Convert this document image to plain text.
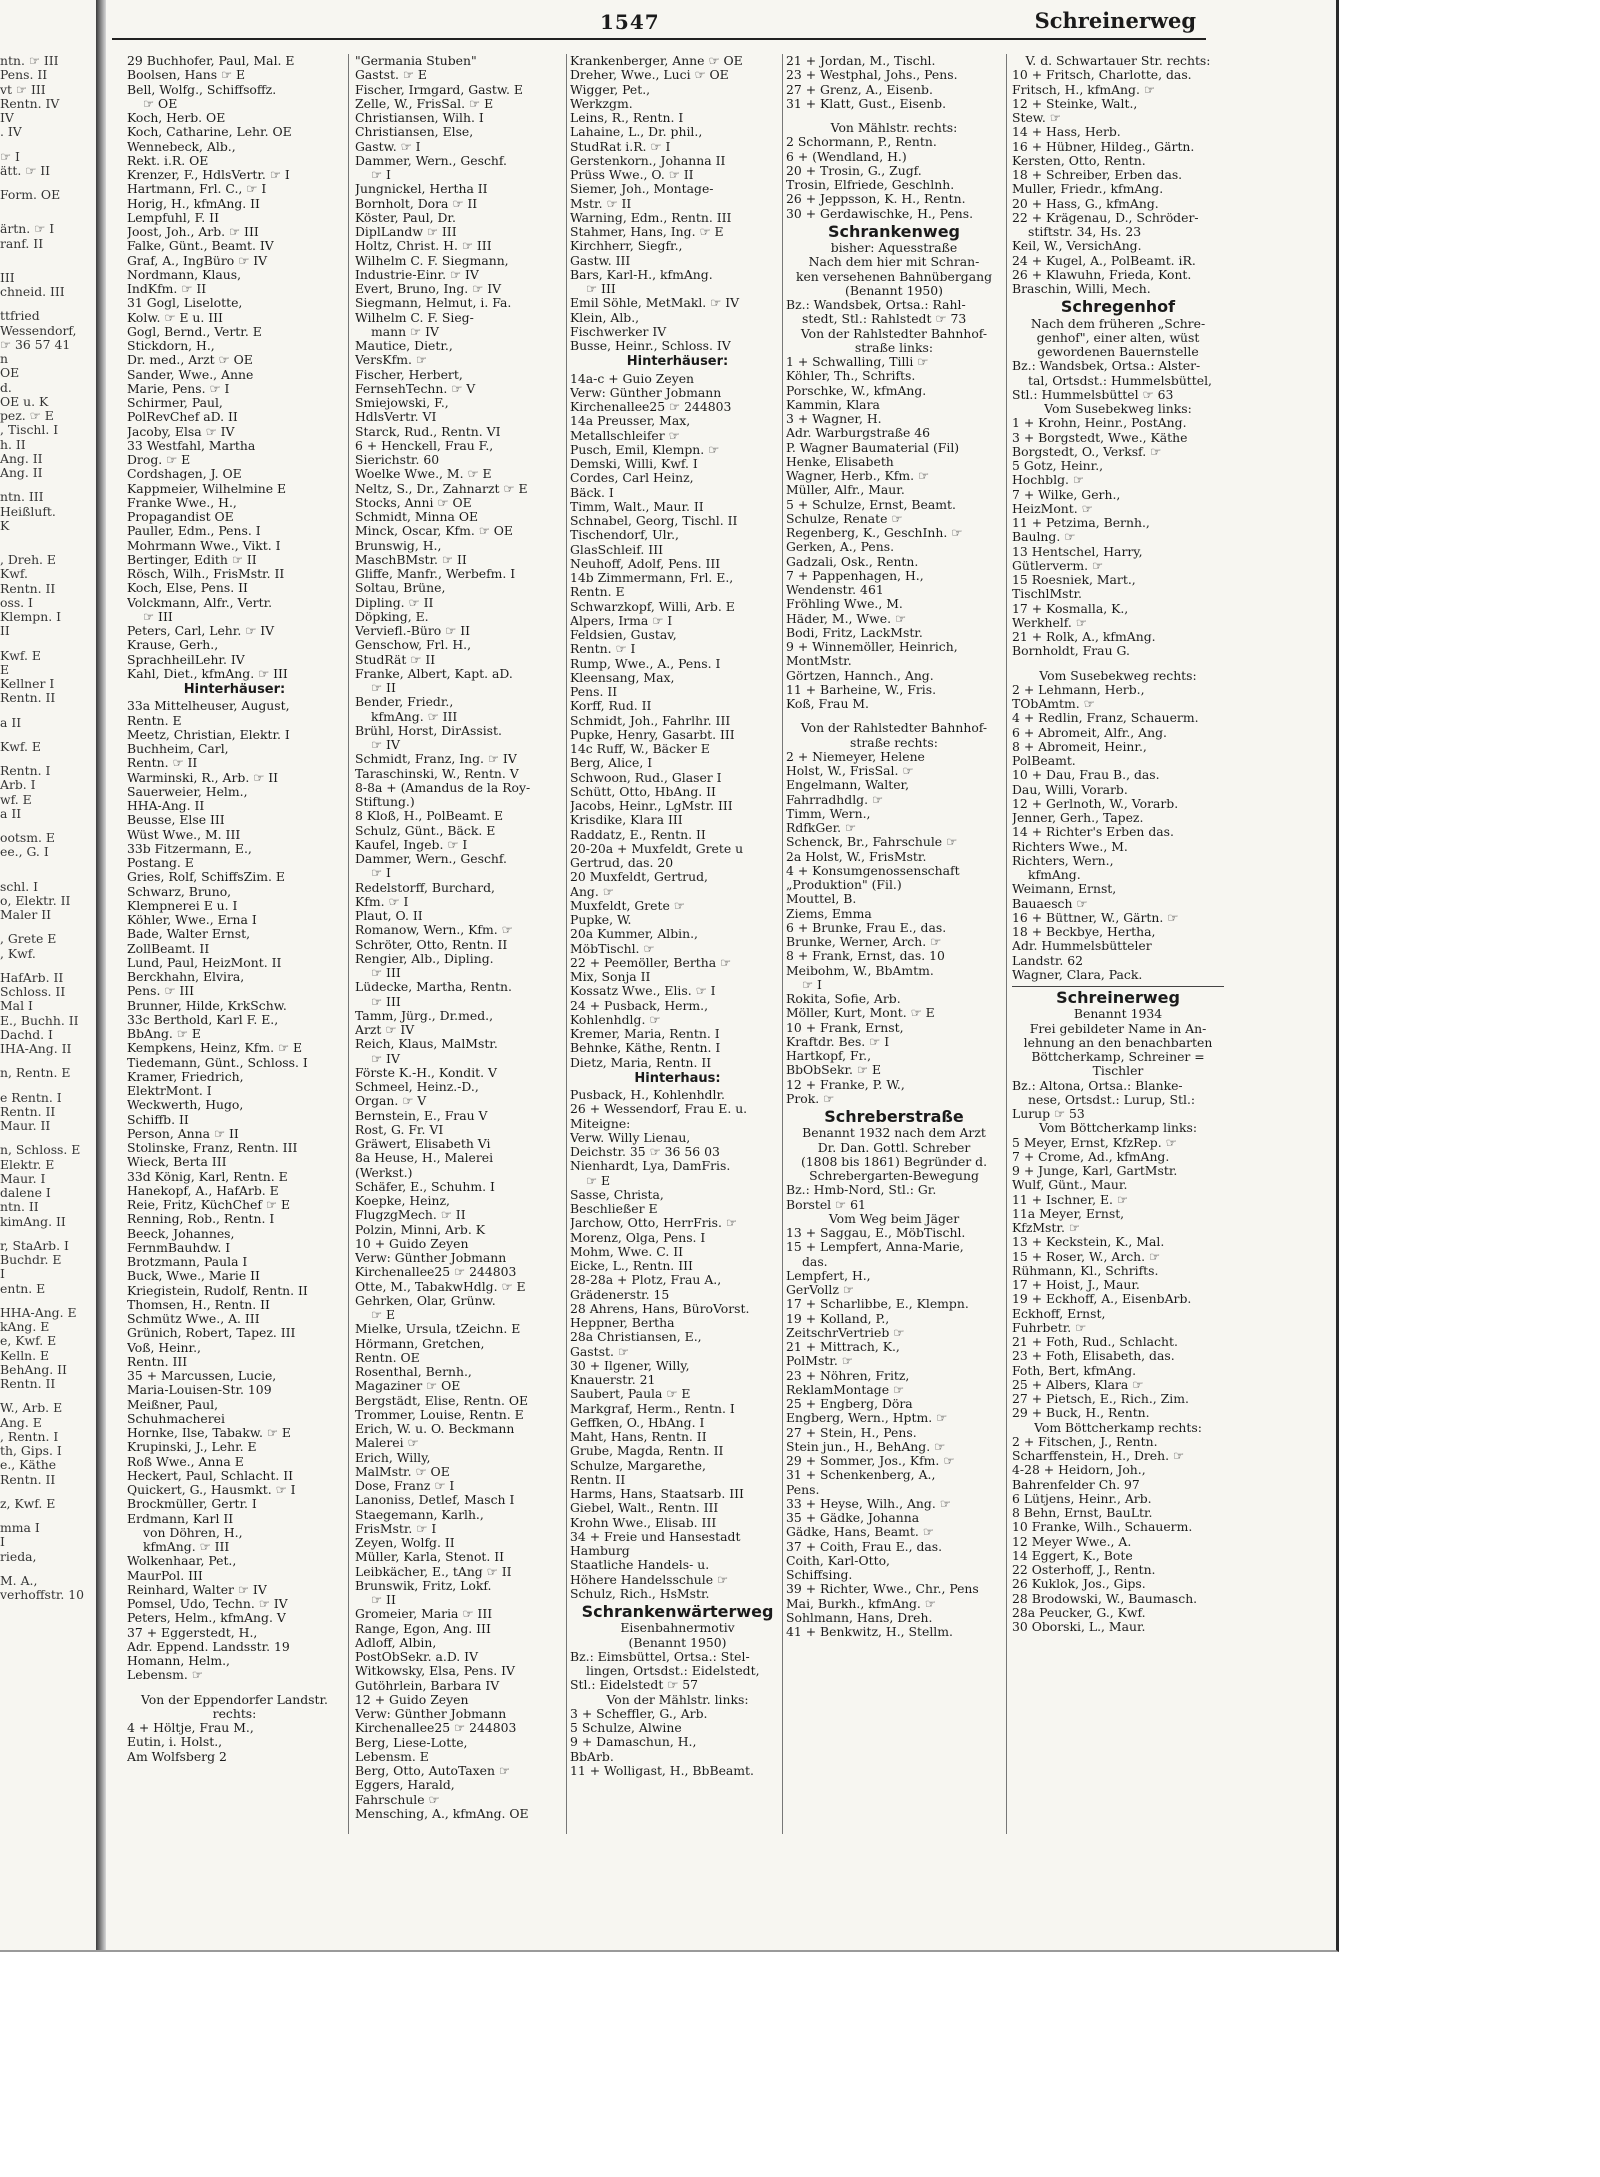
1547	Schreinerweg
ntn. ☞ III
Pens. II
vt ☞ III
Rentn. IV
IV
. IV
☞ I
ätt. ☞ II
Form. OE
ärtn. ☞ I
ranf. II
III
chneid. III
ttfried
Wessendorf,
☞ 36 57 41
n
OE
d.
OE u. K
pez. ☞ E
, Tischl. I
h. II
Ang. II
Ang. II
ntn. III
Heißluft.
K
, Dreh. E
Kwf.
Rentn. II
oss. I
Klempn. I
II
Kwf. E
E
Kellner I
Rentn. II
a II
Kwf. E
Rentn. I
Arb. I
wf. E
a II
ootsm. E
ee., G. I
schl. I
o, Elektr. II
Maler II
, Grete E
, Kwf.
HafArb. II
Schloss. II
Mal I
E., Buchh. II
Dachd. I
IHA-Ang. II
n, Rentn. E
e Rentn. I
Rentn. II
Maur. II
n, Schloss. E
Elektr. E
Maur. I
dalene I
ntn. II
kimAng. II
r, StaArb. I
Buchdr. E
I
entn. E
HHA-Ang. E
kAng. E
e, Kwf. E
Kelln. E
BehAng. II
Rentn. II
W., Arb. E
Ang. E
, Rentn. I
th, Gips. I
e., Käthe
Rentn. II
z, Kwf. E
mma I
I
rieda,
M. A.,
verhoffstr. 10
29 Buchhofer, Paul, Mal. E
Boolsen, Hans ☞ E
Bell, Wolfg., Schiffsoffz.
☞ OE
Koch, Herb. OE
Koch, Catharine, Lehr. OE
Wennebeck, Alb.,
Rekt. i.R. OE
Krenzer, F., HdlsVertr. ☞ I
Hartmann, Frl. C., ☞ I
Horig, H., kfmAng. II
Lempfuhl, F. II
Joost, Joh., Arb. ☞ III
Falke, Günt., Beamt. IV
Graf, A., IngBüro ☞ IV
Nordmann, Klaus,
IndKfm. ☞ II
31 Gogl, Liselotte,
Kolw. ☞ E u. III
Gogl, Bernd., Vertr. E
Stickdorn, H.,
Dr. med., Arzt ☞ OE
Sander, Wwe., Anne
Marie, Pens. ☞ I
Schirmer, Paul,
PolRevChef aD. II
Jacoby, Elsa ☞ IV
33 Westfahl, Martha
Drog. ☞ E
Cordshagen, J. OE
Kappmeier, Wilhelmine E
Franke Wwe., H.,
Propagandist OE
Pauller, Edm., Pens. I
Mohrmann Wwe., Vikt. I
Bertinger, Edith ☞ II
Rösch, Wilh., FrisMstr. II
Koch, Else, Pens. II
Volckmann, Alfr., Vertr.
☞ III
Peters, Carl, Lehr. ☞ IV
Krause, Gerh.,
SprachheilLehr. IV
Kahl, Diet., kfmAng. ☞ III
Hinterhäuser:
33a Mittelheuser, August,
Rentn. E
Meetz, Christian, Elektr. I
Buchheim, Carl,
Rentn. ☞ II
Warminski, R., Arb. ☞ II
Sauerweier, Helm.,
HHA-Ang. II
Beusse, Else III
Wüst Wwe., M. III
33b Fitzermann, E.,
Postang. E
Gries, Rolf, SchiffsZim. E
Schwarz, Bruno,
Klempnerei E u. I
Köhler, Wwe., Erna I
Bade, Walter Ernst,
ZollBeamt. II
Lund, Paul, HeizMont. II
Berckhahn, Elvira,
Pens. ☞ III
Brunner, Hilde, KrkSchw.
33c Berthold, Karl F. E.,
BbAng. ☞ E
Kempkens, Heinz, Kfm. ☞ E
Tiedemann, Günt., Schloss. I
Kramer, Friedrich,
ElektrMont. I
Weckwerth, Hugo,
Schiffb. II
Person, Anna ☞ II
Stolinske, Franz, Rentn. III
Wieck, Berta III
33d König, Karl, Rentn. E
Hanekopf, A., HafArb. E
Reie, Fritz, KüchChef ☞ E
Renning, Rob., Rentn. I
Beeck, Johannes,
FernmBauhdw. I
Brotzmann, Paula I
Buck, Wwe., Marie II
Kriegistein, Rudolf, Rentn. II
Thomsen, H., Rentn. II
Schmütz Wwe., A. III
Grünich, Robert, Tapez. III
Voß, Heinr.,
Rentn. III
35 + Marcussen, Lucie,
Maria-Louisen-Str. 109
Meißner, Paul,
Schuhmacherei
Hornke, Ilse, Tabakw. ☞ E
Krupinski, J., Lehr. E
Roß Wwe., Anna E
Heckert, Paul, Schlacht. II
Quickert, G., Hausmkt. ☞ I
Brockmüller, Gertr. I
Erdmann, Karl II
von Döhren, H.,
kfmAng. ☞ III
Wolkenhaar, Pet.,
MaurPol. III
Reinhard, Walter ☞ IV
Pomsel, Udo, Techn. ☞ IV
Peters, Helm., kfmAng. V
37 + Eggerstedt, H.,
Adr. Eppend. Landsstr. 19
Homann, Helm.,
Lebensm. ☞
Von der Eppendorfer Landstr.
rechts:
4 + Höltje, Frau M.,
Eutin, i. Holst.,
Am Wolfsberg 2
"Germania Stuben"
Gastst. ☞ E
Fischer, Irmgard, Gastw. E
Zelle, W., FrisSal. ☞ E
Christiansen, Wilh. I
Christiansen, Else,
Gastw. ☞ I
Dammer, Wern., Geschf.
☞ I
Jungnickel, Hertha II
Bornholt, Dora ☞ II
Köster, Paul, Dr.
DiplLandw ☞ III
Holtz, Christ. H. ☞ III
Wilhelm C. F. Siegmann,
Industrie-Einr. ☞ IV
Evert, Bruno, Ing. ☞ IV
Siegmann, Helmut, i. Fa.
Wilhelm C. F. Sieg-
mann ☞ IV
Mautice, Dietr.,
VersKfm. ☞
Fischer, Herbert,
FernsehTechn. ☞ V
Smiejowski, F.,
HdlsVertr. VI
Starck, Rud., Rentn. VI
6 + Henckell, Frau F.,
Sierichstr. 60
Woelke Wwe., M. ☞ E
Neltz, S., Dr., Zahnarzt ☞ E
Stocks, Anni ☞ OE
Schmidt, Minna OE
Minck, Oscar, Kfm. ☞ OE
Brunswig, H.,
MaschBMstr. ☞ II
Gliffe, Manfr., Werbefm. I
Soltau, Brüne,
Dipling. ☞ II
Döpking, E.
Verviefl.-Büro ☞ II
Genschow, Frl. H.,
StudRät ☞ II
Franke, Albert, Kapt. aD.
☞ II
Bender, Friedr.,
kfmAng. ☞ III
Brühl, Horst, DirAssist.
☞ IV
Schmidt, Franz, Ing. ☞ IV
Taraschinski, W., Rentn. V
8-8a + (Amandus de la Roy-
Stiftung.)
8 Kloß, H., PolBeamt. E
Schulz, Günt., Bäck. E
Kaufel, Ingeb. ☞ I
Dammer, Wern., Geschf.
☞ I
Redelstorff, Burchard,
Kfm. ☞ I
Plaut, O. II
Romanow, Wern., Kfm. ☞
Schröter, Otto, Rentn. II
Rengier, Alb., Dipling.
☞ III
Lüdecke, Martha, Rentn.
☞ III
Tamm, Jürg., Dr.med.,
Arzt ☞ IV
Reich, Klaus, MalMstr.
☞ IV
Förste K.-H., Kondit. V
Schmeel, Heinz.-D.,
Organ. ☞ V
Bernstein, E., Frau V
Rost, G. Fr. VI
Gräwert, Elisabeth Vi
8a Heuse, H., Malerei
(Werkst.)
Schäfer, E., Schuhm. I
Koepke, Heinz,
FlugzgMech. ☞ II
Polzin, Minni, Arb. K
10 + Guido Zeyen
Verw: Günther Jobmann
Kirchenallee25 ☞ 244803
Otte, M., TabakwHdlg. ☞ E
Gehrken, Olar, Grünw.
☞ E
Mielke, Ursula, tZeichn. E
Hörmann, Gretchen,
Rentn. OE
Rosenthal, Bernh.,
Magaziner ☞ OE
Bergstädt, Elise, Rentn. OE
Trommer, Louise, Rentn. E
Erich, W. u. O. Beckmann
Malerei ☞
Erich, Willy,
MalMstr. ☞ OE
Dose, Franz ☞ I
Lanoniss, Detlef, Masch I
Staegemann, Karlh.,
FrisMstr. ☞ I
Zeyen, Wolfg. II
Müller, Karla, Stenot. II
Leibkächer, E., tAng ☞ II
Brunswik, Fritz, Lokf.
☞ II
Gromeier, Maria ☞ III
Range, Egon, Ang. III
Adloff, Albin,
PostObSekr. a.D. IV
Witkowsky, Elsa, Pens. IV
Gutöhrlein, Barbara IV
12 + Guido Zeyen
Verw: Günther Jobmann
Kirchenallee25 ☞ 244803
Berg, Liese-Lotte,
Lebensm. E
Berg, Otto, AutoTaxen ☞
Eggers, Harald,
Fahrschule ☞
Mensching, A., kfmAng. OE
Krankenberger, Anne ☞ OE
Dreher, Wwe., Luci ☞ OE
Wigger, Pet.,
Werkzgm.
Leins, R., Rentn. I
Lahaine, L., Dr. phil.,
StudRat i.R. ☞ I
Gerstenkorn., Johanna II
Prüss Wwe., O. ☞ II
Siemer, Joh., Montage-
Mstr. ☞ II
Warning, Edm., Rentn. III
Stahmer, Hans, Ing. ☞ E
Kirchherr, Siegfr.,
Gastw. III
Bars, Karl-H., kfmAng.
☞ III
Emil Söhle, MetMakl. ☞ IV
Klein, Alb.,
Fischwerker IV
Busse, Heinr., Schloss. IV
Hinterhäuser:
14a-c + Guio Zeyen
Verw: Günther Jobmann
Kirchenallee25 ☞ 244803
14a Preusser, Max,
Metallschleifer ☞
Pusch, Emil, Klempn. ☞
Demski, Willi, Kwf. I
Cordes, Carl Heinz,
Bäck. I
Timm, Walt., Maur. II
Schnabel, Georg, Tischl. II
Tischendorf, Ulr.,
GlasSchleif. III
Neuhoff, Adolf, Pens. III
14b Zimmermann, Frl. E.,
Rentn. E
Schwarzkopf, Willi, Arb. E
Alpers, Irma ☞ I
Feldsien, Gustav,
Rentn. ☞ I
Rump, Wwe., A., Pens. I
Kleensang, Max,
Pens. II
Korff, Rud. II
Schmidt, Joh., Fahrlhr. III
Pupke, Henry, Gasarbt. III
14c Ruff, W., Bäcker E
Berg, Alice, I
Schwoon, Rud., Glaser I
Schütt, Otto, HbAng. II
Jacobs, Heinr., LgMstr. III
Krisdike, Klara III
Raddatz, E., Rentn. II
20-20a + Muxfeldt, Grete u
Gertrud, das. 20
20 Muxfeldt, Gertrud,
Ang. ☞
Muxfeldt, Grete ☞
Pupke, W.
20a Kummer, Albin.,
MöbTischl. ☞
22 + Peemöller, Bertha ☞
Mix, Sonja II
Kossatz Wwe., Elis. ☞ I
24 + Pusback, Herm.,
Kohlenhdlg. ☞
Kremer, Maria, Rentn. I
Behnke, Käthe, Rentn. I
Dietz, Maria, Rentn. II
Hinterhaus:
Pusback, H., Kohlenhdlr.
26 + Wessendorf, Frau E. u.
Miteigne:
Verw. Willy Lienau,
Deichstr. 35 ☞ 36 56 03
Nienhardt, Lya, DamFris.
☞ E
Sasse, Christa,
Beschließer E
Jarchow, Otto, HerrFris. ☞
Morenz, Olga, Pens. I
Mohm, Wwe. C. II
Eicke, L., Rentn. III
28-28a + Plotz, Frau A.,
Grädenerstr. 15
28 Ahrens, Hans, BüroVorst.
Heppner, Bertha
28a Christiansen, E.,
Gastst. ☞
30 + Ilgener, Willy,
Knauerstr. 21
Saubert, Paula ☞ E
Markgraf, Herm., Rentn. I
Geffken, O., HbAng. I
Maht, Hans, Rentn. II
Grube, Magda, Rentn. II
Schulze, Margarethe,
Rentn. II
Harms, Hans, Staatsarb. III
Giebel, Walt., Rentn. III
Krohn Wwe., Elisab. III
34 + Freie und Hansestadt
Hamburg
Staatliche Handels- u.
Höhere Handelsschule ☞
Schulz, Rich., HsMstr.
Schrankenwärterweg
Eisenbahnermotiv
(Benannt 1950)
Bz.: Eimsbüttel, Ortsa.: Stel-
lingen, Ortsdst.: Eidelstedt,
Stl.: Eidelstedt ☞ 57
Von der Mählstr. links:
3 + Scheffler, G., Arb.
5 Schulze, Alwine
9 + Damaschun, H.,
BbArb.
11 + Wolligast, H., BbBeamt.
21 + Jordan, M., Tischl.
23 + Westphal, Johs., Pens.
27 + Grenz, A., Eisenb.
31 + Klatt, Gust., Eisenb.
Von Mählstr. rechts:
2 Schormann, P., Rentn.
6 + (Wendland, H.)
20 + Trosin, G., Zugf.
Trosin, Elfriede, Geschlnh.
26 + Jeppsson, K. H., Rentn.
30 + Gerdawischke, H., Pens.
Schrankenweg
bisher: Aquesstraße
Nach dem hier mit Schran-
ken versehenen Bahnübergang
(Benannt 1950)
Bz.: Wandsbek, Ortsa.: Rahl-
stedt, Stl.: Rahlstedt ☞ 73
Von der Rahlstedter Bahnhof-
straße links:
1 + Schwalling, Tilli ☞
Köhler, Th., Schrifts.
Porschke, W., kfmAng.
Kammin, Klara
3 + Wagner, H.
Adr. Warburgstraße 46
P. Wagner Baumaterial (Fil)
Henke, Elisabeth
Wagner, Herb., Kfm. ☞
Müller, Alfr., Maur.
5 + Schulze, Ernst, Beamt.
Schulze, Renate ☞
Regenberg, K., GeschInh. ☞
Gerken, A., Pens.
Gadzali, Osk., Rentn.
7 + Pappenhagen, H.,
Wendenstr. 461
Fröhling Wwe., M.
Häder, M., Wwe. ☞
Bodi, Fritz, LackMstr.
9 + Winnemöller, Heinrich,
MontMstr.
Görtzen, Hannch., Ang.
11 + Barheine, W., Fris.
Koß, Frau M.
Von der Rahlstedter Bahnhof-
straße rechts:
2 + Niemeyer, Helene
Holst, W., FrisSal. ☞
Engelmann, Walter,
Fahrradhdlg. ☞
Timm, Wern.,
RdfkGer. ☞
Schenck, Br., Fahrschule ☞
2a Holst, W., FrisMstr.
4 + Konsumgenossenschaft
„Produktion" (Fil.)
Mouttel, B.
Ziems, Emma
6 + Brunke, Frau E., das.
Brunke, Werner, Arch. ☞
8 + Frank, Ernst, das. 10
Meibohm, W., BbAmtm.
☞ I
Rokita, Sofie, Arb.
Möller, Kurt, Mont. ☞ E
10 + Frank, Ernst,
Kraftdr. Bes. ☞ I
Hartkopf, Fr.,
BbObSekr. ☞ E
12 + Franke, P. W.,
Prok. ☞
Schreberstraße
Benannt 1932 nach dem Arzt
Dr. Dan. Gottl. Schreber
(1808 bis 1861) Begründer d.
Schrebergarten-Bewegung
Bz.: Hmb-Nord, Stl.: Gr.
Borstel ☞ 61
Vom Weg beim Jäger
13 + Saggau, E., MöbTischl.
15 + Lempfert, Anna-Marie,
das.
Lempfert, H.,
GerVollz ☞
17 + Scharlibbe, E., Klempn.
19 + Kolland, P.,
ZeitschrVertrieb ☞
21 + Mittrach, K.,
PolMstr. ☞
23 + Nöhren, Fritz,
ReklamMontage ☞
25 + Engberg, Döra
Engberg, Wern., Hptm. ☞
27 + Stein, H., Pens.
Stein jun., H., BehAng. ☞
29 + Sommer, Jos., Kfm. ☞
31 + Schenkenberg, A.,
Pens.
33 + Heyse, Wilh., Ang. ☞
35 + Gädke, Johanna
Gädke, Hans, Beamt. ☞
37 + Coith, Frau E., das.
Coith, Karl-Otto,
Schiffsing.
39 + Richter, Wwe., Chr., Pens
Mai, Burkh., kfmAng. ☞
Sohlmann, Hans, Dreh.
41 + Benkwitz, H., Stellm.
V. d. Schwartauer Str. rechts:
10 + Fritsch, Charlotte, das.
Fritsch, H., kfmAng. ☞
12 + Steinke, Walt.,
Stew. ☞
14 + Hass, Herb.
16 + Hübner, Hildeg., Gärtn.
Kersten, Otto, Rentn.
18 + Schreiber, Erben das.
Muller, Friedr., kfmAng.
20 + Hass, G., kfmAng.
22 + Krägenau, D., Schröder-
stiftstr. 34, Hs. 23
Keil, W., VersichAng.
24 + Kugel, A., PolBeamt. iR.
26 + Klawuhn, Frieda, Kont.
Braschin, Willi, Mech.
Schregenhof
Nach dem früheren „Schre-
genhof", einer alten, wüst
gewordenen Bauernstelle
Bz.: Wandsbek, Ortsa.: Alster-
tal, Ortsdst.: Hummelsbüttel,
Stl.: Hummelsbüttel ☞ 63
Vom Susebekweg links:
1 + Krohn, Heinr., PostAng.
3 + Borgstedt, Wwe., Käthe
Borgstedt, O., Verksf. ☞
5 Gotz, Heinr.,
Hochblg. ☞
7 + Wilke, Gerh.,
HeizMont. ☞
11 + Petzima, Bernh.,
Baulng. ☞
13 Hentschel, Harry,
Gütlerverm. ☞
15 Roesniek, Mart.,
TischlMstr.
17 + Kosmalla, K.,
Werkhelf. ☞
21 + Rolk, A., kfmAng.
Bornholdt, Frau G.
Vom Susebekweg rechts:
2 + Lehmann, Herb.,
TObAmtm. ☞
4 + Redlin, Franz, Schauerm.
6 + Abromeit, Alfr., Ang.
8 + Abromeit, Heinr.,
PolBeamt.
10 + Dau, Frau B., das.
Dau, Willi, Vorarb.
12 + Gerlnoth, W., Vorarb.
Jenner, Gerh., Tapez.
14 + Richter's Erben das.
Richters Wwe., M.
Richters, Wern.,
kfmAng.
Weimann, Ernst,
Bauaesch ☞
16 + Büttner, W., Gärtn. ☞
18 + Beckbye, Hertha,
Adr. Hummelsbütteler
Landstr. 62
Wagner, Clara, Pack.
Schreinerweg
Benannt 1934
Frei gebildeter Name in An-
lehnung an den benachbarten
Böttcherkamp, Schreiner =
Tischler
Bz.: Altona, Ortsa.: Blanke-
nese, Ortsdst.: Lurup, Stl.:
Lurup ☞ 53
Vom Böttcherkamp links:
5 Meyer, Ernst, KfzRep. ☞
7 + Crome, Ad., kfmAng.
9 + Junge, Karl, GartMstr.
Wulf, Günt., Maur.
11 + Ischner, E. ☞
11a Meyer, Ernst,
KfzMstr. ☞
13 + Keckstein, K., Mal.
15 + Roser, W., Arch. ☞
Rühmann, Kl., Schrifts.
17 + Hoist, J., Maur.
19 + Eckhoff, A., EisenbArb.
Eckhoff, Ernst,
Fuhrbetr. ☞
21 + Foth, Rud., Schlacht.
23 + Foth, Elisabeth, das.
Foth, Bert, kfmAng.
25 + Albers, Klara ☞
27 + Pietsch, E., Rich., Zim.
29 + Buck, H., Rentn.
Vom Böttcherkamp rechts:
2 + Fitschen, J., Rentn.
Scharffenstein, H., Dreh. ☞
4-28 + Heidorn, Joh.,
Bahrenfelder Ch. 97
6 Lütjens, Heinr., Arb.
8 Behn, Ernst, BauLtr.
10 Franke, Wilh., Schauerm.
12 Meyer Wwe., A.
14 Eggert, K., Bote
22 Osterhoff, J., Rentn.
26 Kuklok, Jos., Gips.
28 Brodowski, W., Baumasch.
28a Peucker, G., Kwf.
30 Oborski, L., Maur.
